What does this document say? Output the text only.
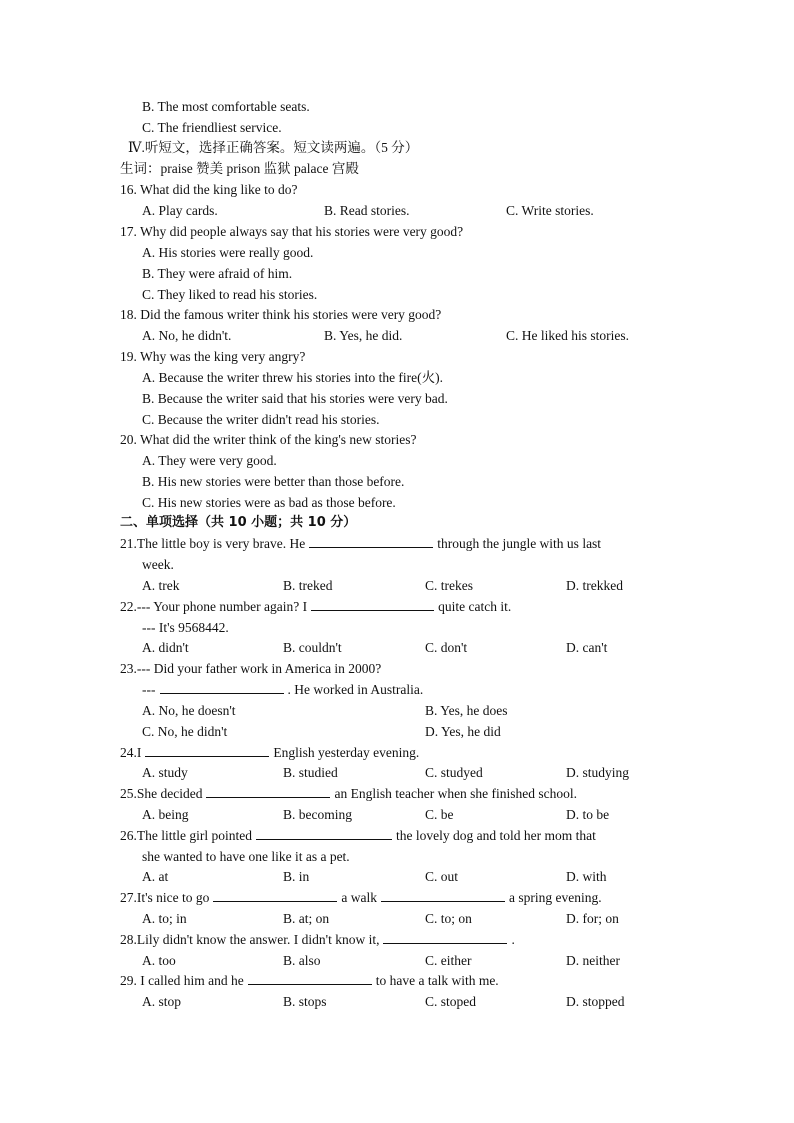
B. The most comfortable seats.
C. The friendliest service.
Ⅳ.听短文，选择正确答案。短文读两遍。（5 分）
生词：praise 赞美 prison 监狱 palace 宫殿
16. What did the king like to do?
A. Play cards.	B. Read stories.	C. Write stories.
17. Why did people always say that his stories were very good?
A. His stories were really good.
B. They were afraid of him.
C. They liked to read his stories.
18. Did the famous writer think his stories were very good?
A. No, he didn't.	B. Yes, he did.	C. He liked his stories.
19. Why was the king very angry?
A. Because the writer threw his stories into the fire(火).
B. Because the writer said that his stories were very bad.
C. Because the writer didn't read his stories.
20. What did the writer think of the king's new stories?
A. They were very good.
B. His new stories were better than those before.
C. His new stories were as bad as those before.
二、单项选择（共 10 小题；共 10 分）
21.The little boy is very brave. He	through the jungle with us last
week.
A. trek	B. treked	C. trekes	D. trekked
22.--- Your phone number again? I	quite catch it.
--- It's 9568442.
A. didn't	B. couldn't	C. don't	D. can't
23.--- Did your father work in America in 2000?
---	. He worked in Australia.
A. No, he doesn't	B. Yes, he does
C. No, he didn't	D. Yes, he did
24.I	English yesterday evening.
A. study	B. studied	C. studyed	D. studying
25.She decided	an English teacher when she finished school.
A. being	B. becoming	C. be	D. to be
26.The little girl pointed	the lovely dog and told her mom that
she wanted to have one like it as a pet.
A. at	B. in	C. out	D. with
27.It's nice to go	a walk	a spring evening.
A. to; in	B. at; on	C. to; on	D. for; on
28.Lily didn't know the answer. I didn't know it,	.
A. too	B. also	C. either	D. neither
29. I called him and he	to have a talk with me.
A. stop	B. stops	C. stoped	D. stopped
